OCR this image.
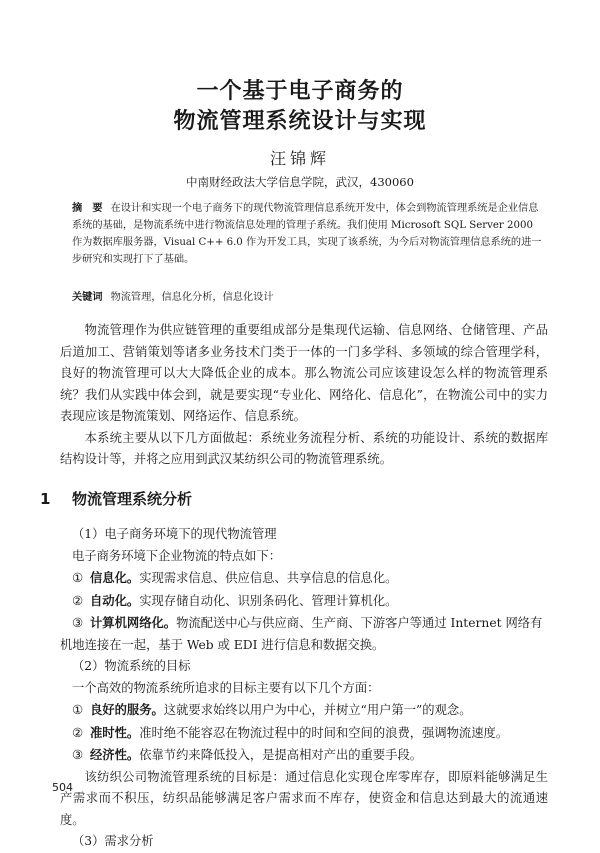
一个基于电子商务的
物流管理系统设计与实现
汪锦辉
中南财经政法大学信息学院，武汉，430060

摘　要 在设计和实现一个电子商务下的现代物流管理信息系统开发中，体会到物流管理系统是企业信息系统的基础，是物流系统中进行物流信息处理的管理子系统。我们使用 Microsoft SQL Server 2000 作为数据库服务器，Visual C++ 6.0 作为开发工具，实现了该系统，为今后对物流管理信息系统的进一步研究和实现打下了基础。

关键词 物流管理，信息化分析，信息化设计

物流管理作为供应链管理的重要组成部分是集现代运输、信息网络、仓储管理、产品后道加工、营销策划等诸多业务技术门类于一体的一门多学科、多领域的综合管理学科，良好的物流管理可以大大降低企业的成本。那么物流公司应该建设怎么样的物流管理系统？我们从实践中体会到，就是要实现“专业化、网络化、信息化”，在物流公司中的实力表现应该是物流策划、网络运作、信息系统。

本系统主要从以下几方面做起：系统业务流程分析、系统的功能设计、系统的数据库结构设计等，并将之应用到武汉某纺织公司的物流管理系统。

1 物流管理系统分析

（1）电子商务环境下的现代物流管理

电子商务环境下企业物流的特点如下：

① 信息化。实现需求信息、供应信息、共享信息的信息化。

② 自动化。实现存储自动化、识别条码化、管理计算机化。

③ 计算机网络化。物流配送中心与供应商、生产商、下游客户等通过 Internet 网络有机地连接在一起，基于 Web 或 EDI 进行信息和数据交换。

（2）物流系统的目标

一个高效的物流系统所追求的目标主要有以下几个方面：

① 良好的服务。这就要求始终以用户为中心，并树立“用户第一”的观念。

② 准时性。准时绝不能容忍在物流过程中的时间和空间的浪费，强调物流速度。

③ 经济性。依靠节约来降低投入，是提高相对产出的重要手段。

该纺织公司物流管理系统的目标是：通过信息化实现仓库零库存，即原料能够满足生产需求而不积压，纺织品能够满足客户需求而不库存，使资金和信息达到最大的流通速度。

（3）需求分析

504
